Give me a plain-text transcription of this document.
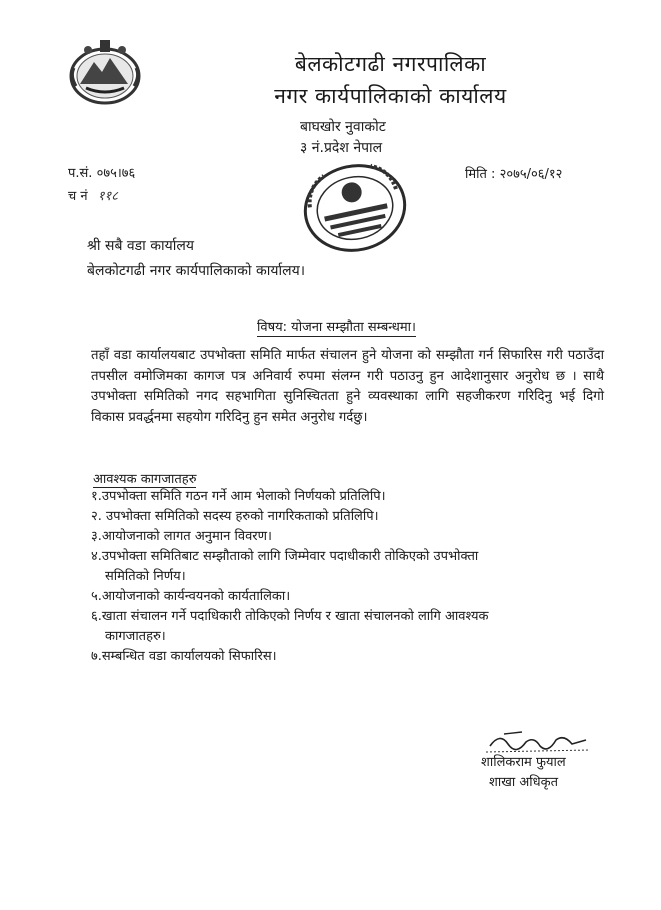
बेलकोटगढी नगरपालिका
नगर कार्यपालिकाको कार्यालय
बाघखोर नुवाकोट
३ नं.प्रदेश नेपाल
प.सं. ०७५।७६
च नं ११८
मिति : २०७५/०६/१२
श्री सबै वडा कार्यालय
बेलकोटगढी नगर कार्यपालिकाको कार्यालय।
विषय: योजना सम्झौता सम्बन्धमा।
तहाँ वडा कार्यालयबाट उपभोक्ता समिति मार्फत संचालन हुने योजना को सम्झौता गर्न सिफारिस गरी पठाउँदा तपसील वमोजिमका कागज पत्र अनिवार्य रुपमा संलग्न गरी पठाउनु हुन आदेशानुसार अनुरोध छ । साथै उपभोक्ता समितिको नगद सहभागिता सुनिस्चितता हुने व्यवस्थाका लागि सहजीकरण गरिदिनु भई दिगो विकास प्रवर्द्धनमा सहयोग गरिदिनु हुन समेत अनुरोध गर्दछु।
आवश्यक कागजातहरु
१.उपभोक्ता समिति गठन गर्ने आम भेलाको निर्णयको प्रतिलिपि।
२. उपभोक्ता समितिको सदस्य हरुको नागरिकताको प्रतिलिपि।
३.आयोजनाको लागत अनुमान विवरण।
४.उपभोक्ता समितिबाट सम्झौताको लागि जिम्मेवार पदाधीकारी तोकिएको उपभोक्ता
समितिको निर्णय।
५.आयोजनाको कार्यन्वयनको कार्यतालिका।
६.खाता संचालन गर्ने पदाधिकारी तोकिएको निर्णय र खाता संचालनको लागि आवश्यक
कागजातहरु।
७.सम्बन्धित वडा कार्यालयको सिफारिस।
शालिकराम फुयाल
शाखा अधिकृत
